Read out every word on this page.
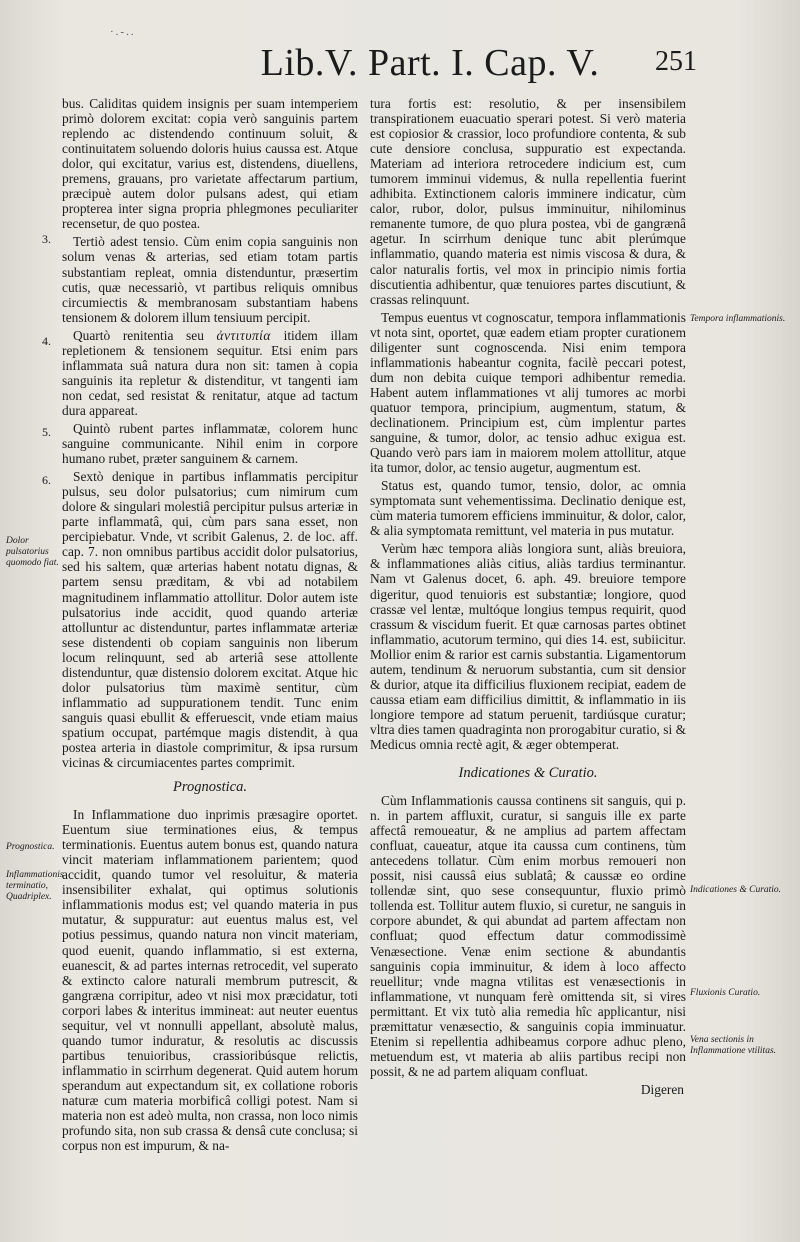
·.-..
Lib.V. Part. I. Cap. V.	251
3.
4.
5.
6.
Dolor pulsatorius quomodo fiat.
Prognostica.
Inflammationis terminatio, Quadriplex.
Tempora inflammationis.
Indicationes & Curatio.
Fluxionis Curatio.
Vena sectionis in Inflammatione vtilitas.

bus. Caliditas quidem insignis per suam intemperiem primò dolorem excitat: copia verò sanguinis partem replendo ac distendendo continuum soluit, & continuitatem soluendo doloris huius caussa est. Atque dolor, qui excitatur, varius est, distendens, diuellens, premens, grauans, pro varietate affectarum partium, præcipuè autem dolor pulsans adest, qui etiam propterea inter signa propria phlegmones peculiariter recensetur, de quo postea.

Tertiò adest tensio. Cùm enim copia sanguinis non solum venas & arterias, sed etiam totam partis substantiam repleat, omnia distenduntur, præsertim cutis, quæ necessariò, vt partibus reliquis omnibus circumiectis & membranosam substantiam habens tensionem & dolorem illum tensiuum percipit.

Quartò renitentia seu ἀντιτυπία itidem illam repletionem & tensionem sequitur. Etsi enim pars inflammata suâ natura dura non sit: tamen à copia sanguinis ita repletur & distenditur, vt tangenti iam non cedat, sed resistat & renitatur, atque ad tactum dura appareat.

Quintò rubent partes inflammatæ, colorem hunc sanguine communicante. Nihil enim in corpore humano rubet, præter sanguinem & carnem.

Sextò denique in partibus inflammatis percipitur pulsus, seu dolor pulsatorius; cum nimirum cum dolore & singulari molestiâ percipitur pulsus arteriæ in parte inflammatâ, qui, cùm pars sana esset, non percipiebatur. Vnde, vt scribit Galenus, 2. de loc. aff. cap. 7. non omnibus partibus accidit dolor pulsatorius, sed his saltem, quæ arterias habent notatu dignas, & partem sensu præditam, & vbi ad notabilem magnitudinem inflammatio attollitur. Dolor autem iste pulsatorius inde accidit, quod quando arteriæ attolluntur ac distenduntur, partes inflammatæ arteriæ sese distendenti ob copiam sanguinis non liberum locum relinquunt, sed ab arteriâ sese attollente distenduntur, quæ distensio dolorem excitat. Atque hic dolor pulsatorius tùm maximè sentitur, cùm inflammatio ad suppurationem tendit. Tunc enim sanguis quasi ebullit & efferuescit, vnde etiam maius spatium occupat, partémque magis distendit, à qua postea arteria in diastole comprimitur, & ipsa rursum vicinas & circumiacentes partes comprimit.

Prognostica.

In Inflammatione duo inprimis præsagire oportet. Euentum siue terminationes eius, & tempus terminationis. Euentus autem bonus est, quando natura vincit materiam inflammationem parientem; quod accidit, quando tumor vel resoluitur, & materia insensibiliter exhalat, qui optimus solutionis inflammationis modus est; vel quando materia in pus mutatur, & suppuratur: aut euentus malus est, vel potius pessimus, quando natura non vincit materiam, quod euenit, quando inflammatio, si est externa, euanescit, & ad partes internas retrocedit, vel superato & extincto calore naturali membrum putrescit, & gangræna corripitur, adeo vt nisi mox præcidatur, toti corpori labes & interitus immineat: aut neuter euentus sequitur, vel vt nonnulli appellant, absolutè malus, quando tumor induratur, & resolutis ac discussis partibus tenuioribus, crassioribúsque relictis, inflammatio in scirrhum degenerat. Quid autem horum sperandum aut expectandum sit, ex collatione roboris naturæ cum materia morbificâ colligi potest. Nam si materia non est adeò multa, non crassa, non loco nimis profundo sita, non sub crassa & densâ cute conclusa; si corpus non est impurum, & na-

tura fortis est: resolutio, & per insensibilem transpirationem euacuatio sperari potest. Si verò materia est copiosior & crassior, loco profundiore contenta, & sub cute densiore conclusa, suppuratio est expectanda. Materiam ad interiora retrocedere indicium est, cum tumorem imminui videmus, & nulla repellentia fuerint adhibita. Extinctionem caloris imminere indicatur, cùm calor, rubor, dolor, pulsus imminuitur, nihilominus remanente tumore, de quo plura postea, vbi de gangrænâ agetur. In scirrhum denique tunc abit plerúmque inflammatio, quando materia est nimis viscosa & dura, & calor naturalis fortis, vel mox in principio nimis fortia discutientia adhibentur, quæ tenuiores partes discutiunt, & crassas relinquunt.

Tempus euentus vt cognoscatur, tempora inflammationis vt nota sint, oportet, quæ eadem etiam propter curationem diligenter sunt cognoscenda. Nisi enim tempora inflammationis habeantur cognita, facilè peccari potest, dum non debita cuique tempori adhibentur remedia. Habent autem inflammationes vt alij tumores ac morbi quatuor tempora, principium, augmentum, statum, & declinationem. Principium est, cùm implentur partes sanguine, & tumor, dolor, ac tensio adhuc exigua est. Quando verò pars iam in maiorem molem attollitur, atque ita tumor, dolor, ac tensio augetur, augmentum est.

Status est, quando tumor, tensio, dolor, ac omnia symptomata sunt vehementissima. Declinatio denique est, cùm materia tumorem efficiens imminuitur, & dolor, calor, & alia symptomata remittunt, vel materia in pus mutatur.

Verùm hæc tempora aliàs longiora sunt, aliàs breuiora, & inflammationes aliàs citius, aliàs tardius terminantur. Nam vt Galenus docet, 6. aph. 49. breuiore tempore digeritur, quod tenuioris est substantiæ; longiore, quod crassæ vel lentæ, multóque longius tempus requirit, quod crassum & viscidum fuerit. Et quæ carnosas partes obtinet inflammatio, acutorum termino, qui dies 14. est, subiicitur. Mollior enim & rarior est carnis substantia. Ligamentorum autem, tendinum & neruorum substantia, cum sit densior & durior, atque ita difficilius fluxionem recipiat, eadem de caussa etiam eam difficilius dimittit, & inflammatio in iis longiore tempore ad statum peruenit, tardiúsque curatur; vltra dies tamen quadraginta non prorogabitur curatio, si & Medicus omnia rectè agit, & æger obtemperat.

Indicationes & Curatio.

Cùm Inflammationis caussa continens sit sanguis, qui p. n. in partem affluxit, curatur, si sanguis ille ex parte affectâ remoueatur, & ne amplius ad partem affectam confluat, caueatur, atque ita caussa cum continens, tùm antecedens tollatur. Cùm enim morbus remoueri non possit, nisi caussâ eius sublatâ; & caussæ eo ordine tollendæ sint, quo sese consequuntur, fluxio primò tollenda est. Tollitur autem fluxio, si curetur, ne sanguis in corpore abundet, & qui abundat ad partem affectam non confluat; quod effectum datur commodissimè Venæsectione. Venæ enim sectione & abundantis sanguinis copia imminuitur, & idem à loco affecto reuellitur; vnde magna vtilitas est venæsectionis in inflammatione, vt nunquam ferè omittenda sit, si vires permittant. Et vix tutò alia remedia hîc applicantur, nisi præmittatur venæsectio, & sanguinis copia imminuatur. Etenim si repellentia adhibeamus corpore adhuc pleno, metuendum est, vt materia ab aliis partibus recipi non possit, & ne ad partem aliquam confluat.

Digeren
